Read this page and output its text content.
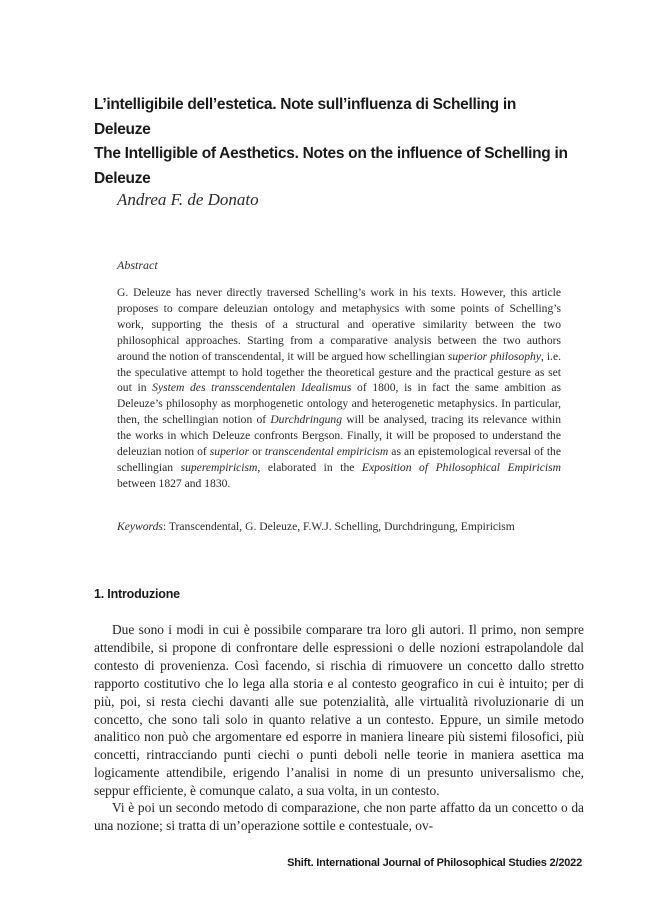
L’intelligibile dell’estetica. Note sull’influenza di Schelling in Deleuze
The Intelligible of Aesthetics. Notes on the influence of Schelling in Deleuze

Andrea F. de Donato

Abstract

G. Deleuze has never directly traversed Schelling’s work in his texts. However, this article proposes to compare deleuzian ontology and metaphysics with some points of Schelling’s work, supporting the thesis of a structural and operative similarity between the two philosophical approaches. Starting from a comparative analysis between the two authors around the notion of transcendental, it will be argued how schellingian superior philosophy, i.e. the speculative attempt to hold together the theoretical gesture and the practical gesture as set out in System des transscendentalen Idealismus of 1800, is in fact the same ambition as Deleuze’s philosophy as morphogenetic ontology and heterogenetic metaphysics. In particular, then, the schellingian notion of Durchdringung will be analysed, tracing its relevance within the works in which Deleuze confronts Bergson. Finally, it will be proposed to understand the deleuzian notion of superior or transcendental empiricism as an epistemological reversal of the schellingian superempiricism, elaborated in the Exposition of Philosophical Empiricism between 1827 and 1830.

Keywords: Transcendental, G. Deleuze, F.W.J. Schelling, Durchdringung, Empiricism

1. Introduzione

Due sono i modi in cui è possibile comparare tra loro gli autori. Il primo, non sempre attendibile, si propone di confrontare delle espressioni o delle nozioni estrapolandole dal contesto di provenienza. Così facendo, si rischia di rimuovere un concetto dallo stretto rapporto costitutivo che lo lega alla storia e al contesto geografico in cui è intuito; per di più, poi, si resta ciechi davanti alle sue potenzialità, alle virtualità rivoluzionarie di un concetto, che sono tali solo in quanto relative a un contesto. Eppure, un simile metodo analitico non può che argomentare ed esporre in maniera lineare più sistemi filosofici, più concetti, rintracciando punti ciechi o punti deboli nelle teorie in maniera asettica ma logicamente attendibile, erigendo l’analisi in nome di un presunto universalismo che, seppur efficiente, è comunque calato, a sua volta, in un contesto.

Vi è poi un secondo metodo di comparazione, che non parte affatto da un concetto o da una nozione; si tratta di un’operazione sottile e contestuale, ov-

Shift. International Journal of Philosophical Studies 2/2022
